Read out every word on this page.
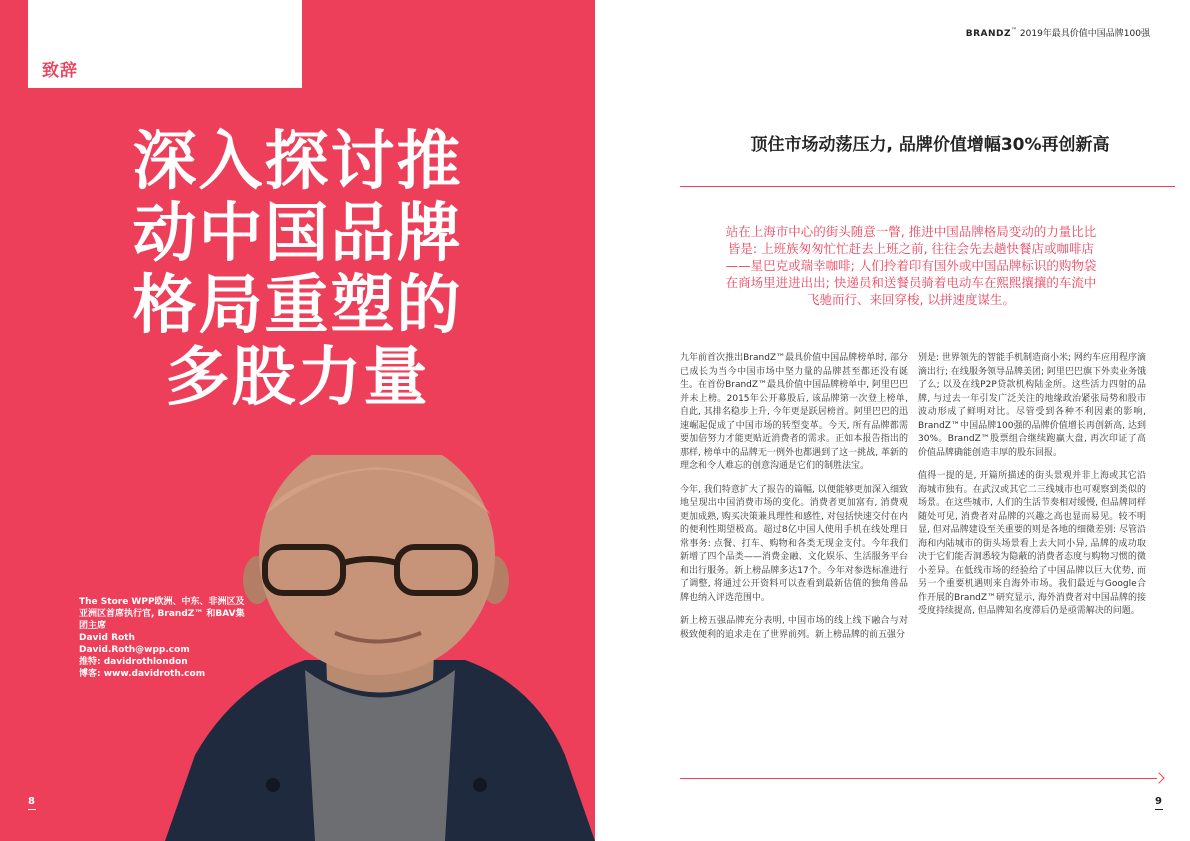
致辞
深入探讨推
动中国品牌
格局重塑的
多股力量
The Store WPP欧洲、中东、非洲区及
亚洲区首席执行官, BrandZ™ 和BAV集
团主席
David Roth
David.Roth@wpp.com
推特: davidrothlondon
博客: www.davidroth.com
8
BRANDZ™ 2019年最具价值中国品牌100强
顶住市场动荡压力, 品牌价值增幅30%再创新高
站在上海市中心的街头随意一瞥, 推进中国品牌格局变动的力量比比皆是: 上班族匆匆忙忙赶去上班之前, 往往会先去趟快餐店或咖啡店——星巴克或瑞幸咖啡; 人们拎着印有国外或中国品牌标识的购物袋在商场里进进出出; 快递员和送餐员骑着电动车在熙熙攘攘的车流中飞驰而行、来回穿梭, 以拼速度谋生。

九年前首次推出BrandZ™最具价值中国品牌榜单时, 部分已成长为当今中国市场中坚力量的品牌甚至都还没有诞生。在首份BrandZ™最具价值中国品牌榜单中, 阿里巴巴并未上榜。2015年公开募股后, 该品牌第一次登上榜单, 自此, 其排名稳步上升, 今年更是跃居榜首。阿里巴巴的迅速崛起促成了中国市场的转型变革。今天, 所有品牌都需要加倍努力才能更贴近消费者的需求。正如本报告指出的那样, 榜单中的品牌无一例外也都遇到了这一挑战, 革新的理念和令人难忘的创意沟通是它们的制胜法宝。

今年, 我们特意扩大了报告的篇幅, 以便能够更加深入细致地呈现出中国消费市场的变化。消费者更加富有, 消费观更加成熟, 购买决策兼具理性和感性, 对包括快速交付在内的便利性期望极高。超过8亿中国人使用手机在线处理日常事务: 点餐、打车、购物和各类无现金支付。今年我们新增了四个品类——消费金融、文化娱乐、生活服务平台和出行服务。新上榜品牌多达17个。今年对参选标准进行了调整, 将通过公开资料可以查看到最新估值的独角兽品牌也纳入评选范围中。

新上榜五强品牌充分表明, 中国市场的线上线下融合与对极致便利的追求走在了世界前列。新上榜品牌的前五强分

别是: 世界领先的智能手机制造商小米; 网约车应用程序滴滴出行; 在线服务领导品牌美团; 阿里巴巴旗下外卖业务饿了么; 以及在线P2P贷款机构陆金所。这些活力四射的品牌, 与过去一年引发广泛关注的地缘政治紧张局势和股市波动形成了鲜明对比。尽管受到各种不利因素的影响, BrandZ™中国品牌100强的品牌价值增长再创新高, 达到30%。BrandZ™股票组合继续跑赢大盘, 再次印证了高价值品牌确能创造丰厚的股东回报。

值得一提的是, 开篇所描述的街头景观并非上海或其它沿海城市独有。在武汉或其它二三线城市也可观察到类似的场景。在这些城市, 人们的生活节奏相对缓慢, 但品牌同样随处可见, 消费者对品牌的兴趣之高也显而易见。较不明显, 但对品牌建设至关重要的则是各地的细微差别: 尽管沿海和内陆城市的街头场景看上去大同小异, 品牌的成功取决于它们能否洞悉较为隐蔽的消费者态度与购物习惯的微小差异。在低线市场的经验给了中国品牌以巨大优势, 而另一个重要机遇则来自海外市场。我们最近与Google合作开展的BrandZ™研究显示, 海外消费者对中国品牌的接受度持续提高, 但品牌知名度滞后仍是亟需解决的问题。

9
